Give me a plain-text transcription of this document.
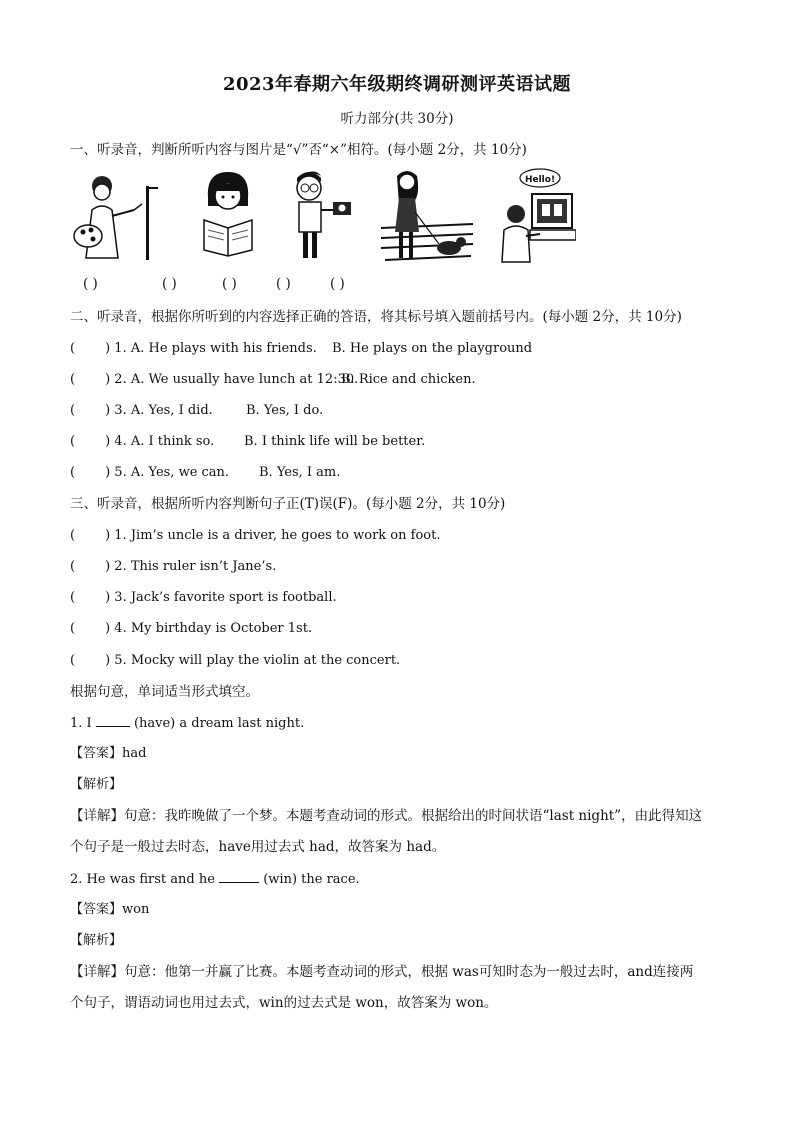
2023年春期六年级期终调研测评英语试题
听力部分(共 30分)
一、听录音，判断所听内容与图片是“√”否“×”相符。(每小题 2分，共 10分)
Hello!
( )	( )	( )	( )	( )
二、听录音，根据你所听到的内容选择正确的答语，将其标号填入题前括号内。(每小题 2分，共 10分)
( ) 1. A. He plays with his friends. B. He plays on the playground
( ) 2. A. We usually have lunch at 12:30.
B. Rice and chicken.
( ) 3. A. Yes, I did.	B. Yes, I do.
( ) 4. A. I think so. B. I think life will be better.
( ) 5. A. Yes, we can. B. Yes, I am.
三、听录音，根据所听内容判断句子正(T)误(F)。(每小题 2分，共 10分)
( ) 1. Jim’s uncle is a driver, he goes to work on foot.
( ) 2. This ruler isn’t Jane’s.
( ) 3. Jack’s favorite sport is football.
( ) 4. My birthday is October 1st.
( ) 5. Mocky will play the violin at the concert.
根据句意，单词适当形式填空。
1. I	(have) a dream last night.
【答案】had
【解析】
【详解】句意：我昨晚做了一个梦。本题考查动词的形式。根据给出的时间状语“last night”，由此得知这
个句子是一般过去时态，have用过去式 had，故答案为 had。
2. He was first and he	(win) the race.
【答案】won
【解析】
【详解】句意：他第一并赢了比赛。本题考查动词的形式，根据 was可知时态为一般过去时，and连接两
个句子，谓语动词也用过去式，win的过去式是 won，故答案为 won。
